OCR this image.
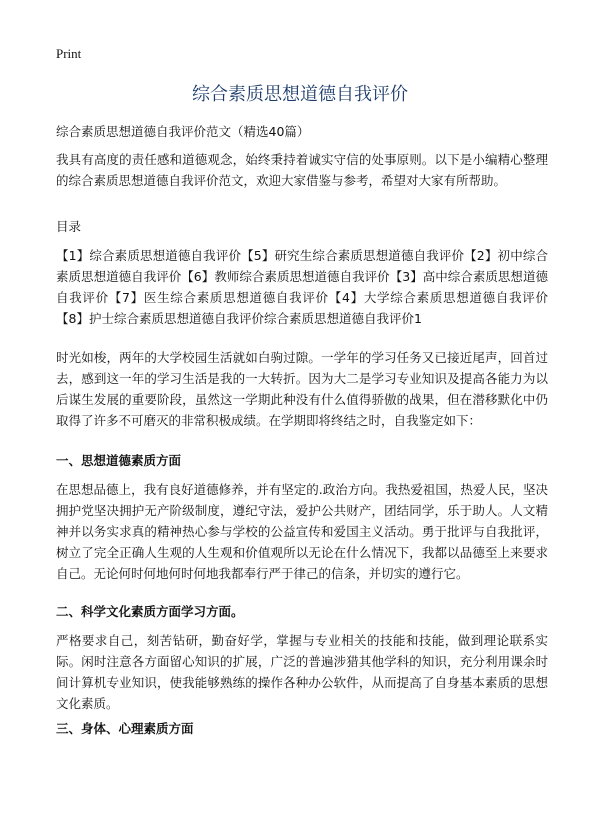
Print
综合素质思想道德自我评价
综合素质思想道德自我评价范文（精选40篇）

我具有高度的责任感和道德观念，始终秉持着诚实守信的处事原则。以下是小编精心整理的综合素质思想道德自我评价范文，欢迎大家借鉴与参考，希望对大家有所帮助。

目录

【1】综合素质思想道德自我评价【5】研究生综合素质思想道德自我评价【2】初中综合素质思想道德自我评价【6】教师综合素质思想道德自我评价【3】高中综合素质思想道德自我评价【7】医生综合素质思想道德自我评价【4】大学综合素质思想道德自我评价【8】护士综合素质思想道德自我评价综合素质思想道德自我评价1

时光如梭，两年的大学校园生活就如白驹过隙。一学年的学习任务又已接近尾声，回首过去，感到这一年的学习生活是我的一大转折。因为大二是学习专业知识及提高各能力为以后谋生发展的重要阶段，虽然这一学期此种没有什么值得骄傲的战果，但在潜移默化中仍取得了许多不可磨灭的非常积极成绩。在学期即将终结之时，自我鉴定如下：

一、思想道德素质方面

在思想品德上，我有良好道德修养，并有坚定的.政治方向。我热爱祖国，热爱人民，坚决拥护党坚决拥护无产阶级制度，遵纪守法，爱护公共财产，团结同学，乐于助人。人文精神并以务实求真的精神热心参与学校的公益宣传和爱国主义活动。勇于批评与自我批评，树立了完全正确人生观的人生观和价值观所以无论在什么情况下，我都以品德至上来要求自己。无论何时何地何时何地我都奉行严于律己的信条，并切实的遵行它。

二、科学文化素质方面学习方面。

严格要求自己，刻苦钻研，勤奋好学，掌握与专业相关的技能和技能，做到理论联系实际。闲时注意各方面留心知识的扩展，广泛的普遍涉猎其他学科的知识，充分利用课余时间计算机专业知识，使我能够熟练的操作各种办公软件，从而提高了自身基本素质的思想文化素质。

三、身体、心理素质方面
